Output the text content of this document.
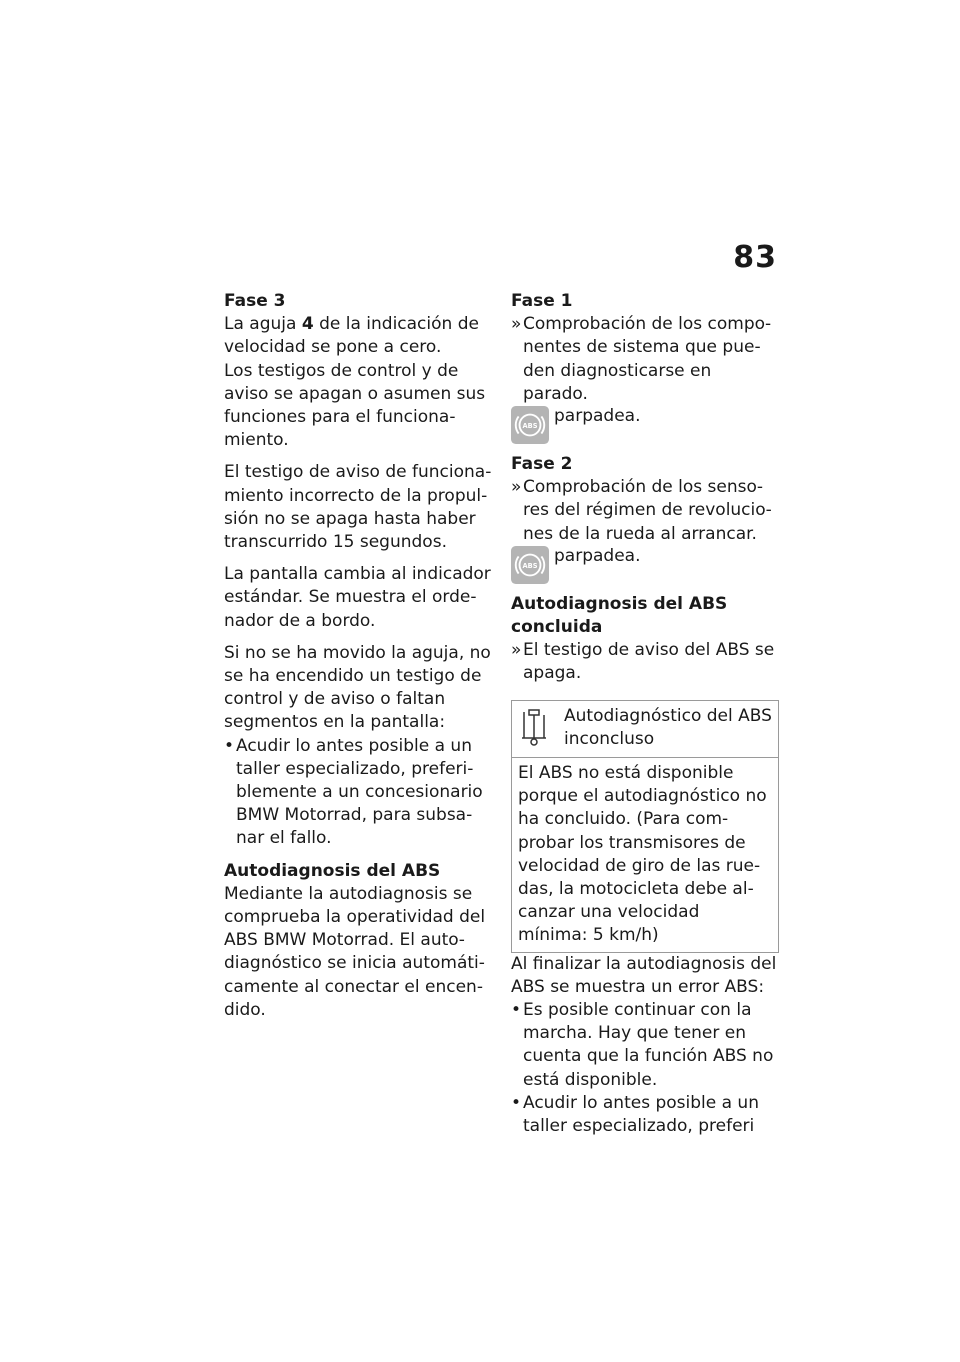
83

Fase 3

La aguja 4 de la indicación de velocidad se pone a cero.

Los testigos de control y de aviso se apagan o asumen sus funciones para el funcionamiento.

El testigo de aviso de funcionamiento incorrecto de la propulsión no se apaga hasta haber transcurrido 15 segundos.

La pantalla cambia al indicador estándar. Se muestra el ordenador de a bordo.

Si no se ha movido la aguja, no se ha encendido un testigo de control y de aviso o faltan segmentos en la pantalla:

• Acudir lo antes posible a un taller especializado, preferiblemente a un concesionario BMW Motorrad, para subsanar el fallo.

Autodiagnosis del ABS

Mediante la autodiagnosis se comprueba la operatividad del ABS BMW Motorrad. El autodiagnóstico se inicia automáticamente al conectar el encendido.

Fase 1

» Comprobación de los componentes de sistema que pueden diagnosticarse en parado.

ABS parpadea.

Fase 2

» Comprobación de los sensores del régimen de revoluciones de la rueda al arrancar.

ABS parpadea.

Autodiagnosis del ABS concluida

» El testigo de aviso del ABS se apaga.

Autodiagnóstico del ABS inconcluso
El ABS no está disponible porque el autodiagnóstico no ha concluido. (Para comprobar los transmisores de velocidad de giro de las ruedas, la motocicleta debe alcanzar una velocidad mínima: 5 km/h)

Al finalizar la autodiagnosis del ABS se muestra un error ABS:

• Es posible continuar con la marcha. Hay que tener en cuenta que la función ABS no está disponible.

• Acudir lo antes posible a un taller especializado, preferi
